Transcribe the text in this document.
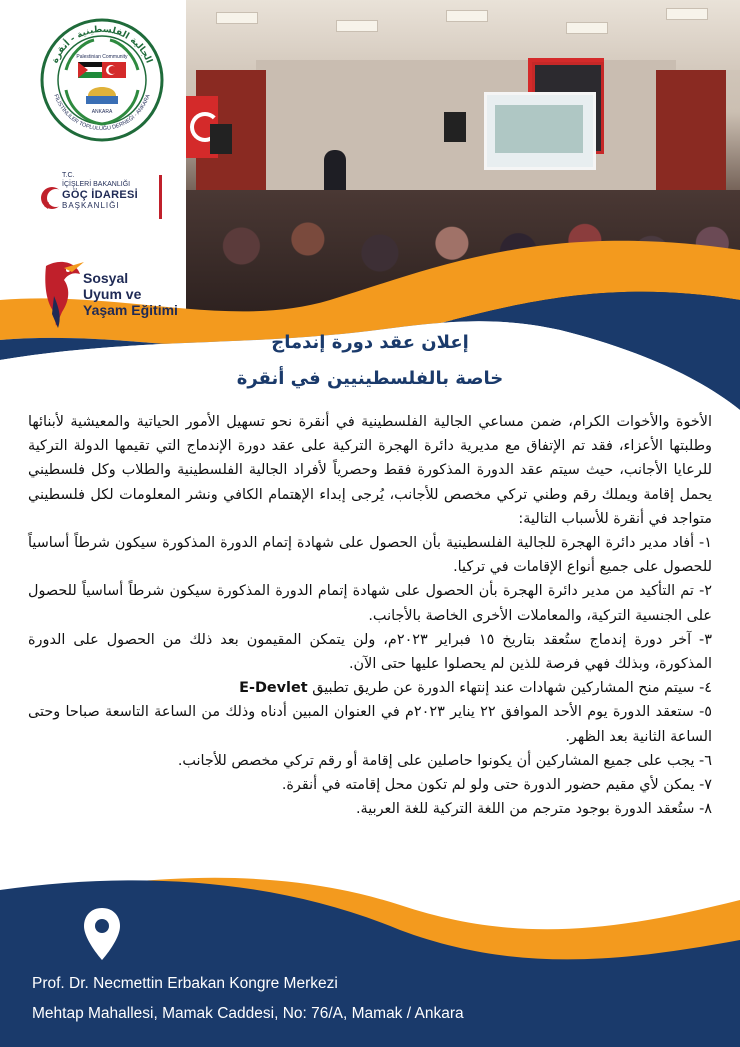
Palestinian Community
ANKARA
الجالية الفلسطينية - أنقرة
FİLİSTİNLİLER TOPLULUĞU DERNEĞİ - ANKARA
T.C.
İÇİŞLERİ BAKANLIĞI
GÖÇ İDARESİ
BAŞKANLIĞI
Sosyal
Uyum ve
Yaşam Eğitimi
إعلان عقد دورة إندماج
خاصة بالفلسطينيين في أنقرة

الأخوة والأخوات الكرام، ضمن مساعي الجالية الفلسطينية في أنقرة نحو تسهيل الأمور الحياتية والمعيشية لأبنائها وطلبتها الأعزاء، فقد تم الإتفاق مع مديرية دائرة الهجرة التركية على عقد دورة الإندماج التي تقيمها الدولة التركية للرعايا الأجانب، حيث سيتم عقد الدورة المذكورة فقط وحصرياً لأفراد الجالية الفلسطينية والطلاب وكل فلسطيني يحمل إقامة ويملك رقم وطني تركي مخصص للأجانب، يُرجى إبداء الإهتمام الكافي ونشر المعلومات لكل فلسطيني متواجد في أنقرة للأسباب التالية:

١- أفاد مدير دائرة الهجرة للجالية الفلسطينية بأن الحصول على شهادة إتمام الدورة المذكورة سيكون شرطاً أساسياً للحصول على جميع أنواع الإقامات في تركيا.

٢- تم التأكيد من مدير دائرة الهجرة بأن الحصول على شهادة إتمام الدورة المذكورة سيكون شرطاً أساسياً للحصول على الجنسية التركية، والمعاملات الأخرى الخاصة بالأجانب.

٣- آخر دورة إندماج ستُعقد بتاريخ ١٥ فبراير ٢٠٢٣م، ولن يتمكن المقيمون بعد ذلك من الحصول على الدورة المذكورة، وبذلك فهي فرصة للذين لم يحصلوا عليها حتى الآن.

٤- سيتم منح المشاركين شهادات عند إنتهاء الدورة عن طريق تطبيق E-Devlet

٥- ستعقد الدورة يوم الأحد الموافق ٢٢ يناير ٢٠٢٣م في العنوان المبين أدناه وذلك من الساعة التاسعة صباحا وحتى الساعة الثانية بعد الظهر.

٦- يجب على جميع المشاركين أن يكونوا حاصلين على إقامة أو رقم تركي مخصص للأجانب.

٧- يمكن لأي مقيم حضور الدورة حتى ولو لم تكون محل إقامته في أنقرة.

٨- ستُعقد الدورة بوجود مترجم من اللغة التركية للغة العربية.

Prof. Dr. Necmettin Erbakan Kongre Merkezi
Mehtap Mahallesi, Mamak Caddesi, No: 76/A, Mamak / Ankara
